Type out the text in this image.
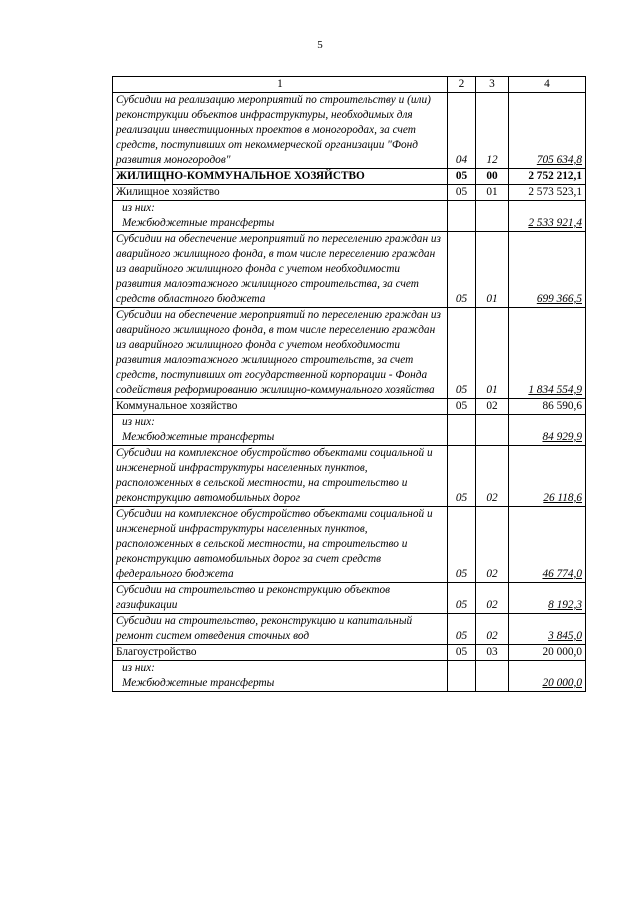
5
1	2	3	4
Субсидии на реализацию мероприятий по строительству и (или) реконструкции объектов инфраструктуры, необходимых для реализации инвестиционных проектов в моногородах, за счет средств, поступивших от некоммерческой организации "Фонд развития моногородов"	04	12	705 634,8
ЖИЛИЩНО-КОММУНАЛЬНОЕ ХОЗЯЙСТВО	05	00	2 752 212,1
Жилищное хозяйство	05	01	2 573 523,1

из них:
Межбюджетные трансферты			2 533 921,4
Субсидии на обеспечение мероприятий по переселению граждан из аварийного жилищного фонда, в том числе переселению граждан из аварийного жилищного фонда с учетом необходимости развития малоэтажного жилищного строительства, за счет средств областного бюджета	05	01	699 366,5
Субсидии на обеспечение мероприятий по переселению граждан из аварийного жилищного фонда, в том числе переселению граждан из аварийного жилищного фонда с учетом необходимости развития малоэтажного жилищного строительств, за счет средств, поступивших от государственной корпорации - Фонда содействия реформированию жилищно-коммунального хозяйства	05	01	1 834 554,9
Коммунальное хозяйство	05	02	86 590,6

из них:
Межбюджетные трансферты			84 929,9
Субсидии на комплексное обустройство объектами социальной и инженерной инфраструктуры населенных пунктов, расположенных в сельской местности, на строительство и реконструкцию автомобильных дорог	05	02	26 118,6
Субсидии на комплексное обустройство объектами социальной и инженерной инфраструктуры населенных пунктов, расположенных в сельской местности, на строительство и реконструкцию автомобильных дорог за счет средств федерального бюджета	05	02	46 774,0
Субсидии на строительство и реконструкцию объектов газификации	05	02	8 192,3
Субсидии на строительство, реконструкцию и капитальный ремонт систем отведения сточных вод	05	02	3 845,0
Благоустройство	05	03	20 000,0

из них:
Межбюджетные трансферты			20 000,0
